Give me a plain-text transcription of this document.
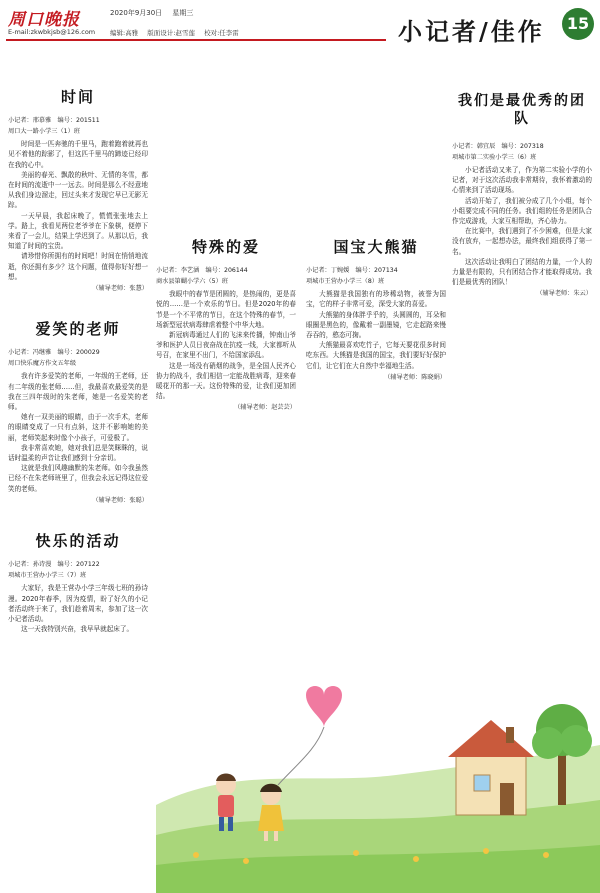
周口晚报	2020年9月30日 星期三
E-mail:zkwbkjsb@126.com 编辑:高雅 版面设计:赵雪莲 校对:任李雷	小记者/佳作	15
时间
小记者：邢慕雅　编号：201511
周口大一路小学三（1）班

时间是一匹奔驰的千里马，跑着跑着就再也见不着他的踪影了，但这匹千里马的蹄迹已经印在我的心中。

美丽的春光、飘散的秋叶、无情的冬雪，都在时间的流逝中一一远去。时间是那么不经意地从我们身边溜走，回过头来才发现它早已无影无踪。

一天早晨，我起床晚了，慌慌张张地去上学。路上，我看见两位老爷爷在下象棋，便停下来看了一会儿，结果上学迟到了。从那以后，我知道了时间的宝贵。

请珍惜你所拥有的时间吧！时间在悄悄地流逝，你还拥有多少？这个问题，值得你好好想一想。

（辅导老师：张慧）
爱笑的老师
小记者：冯继雅　编号：200029
周口快乐魔方作文五年级

我有许多爱笑的老师，一年级的王老师，还有二年级的张老师……但，我最喜欢最爱笑的是我在三四年级时的朱老师，她是一名爱笑的老师。

她有一双美丽的眼睛，由于一次手术，老师的眼睛变成了一只有点斜，这并不影响她的美丽，老师笑起来时像个小孩子，可爱极了。

我非常喜欢她，她对我们总是笑眯眯的，说话时温柔的声音让我们感到十分亲切。

这就是我们风趣幽默的朱老师。如今我虽然已经不在朱老师班里了，但我会永远记得这位爱笑的老师。

（辅导老师：张聪）
快乐的活动
小记者：孙诗漫　编号：207122
项城市王营办小学三（7）班

大家好，我是王营办小学三年级七班的孙诗漫。2020年春季，因为疫情，盼了好久的小记者活动终于来了，我们趁着周末，参加了这一次小记者活动。

这一天我特别兴奋，我早早就起床了。

特殊的爱
小记者：李艺涵　编号：206144
商水县第蝴小学六（5）班

我眼中的春节是团圆的，是热闹的，更是喜悦的……是一个欢乐的节日。但是2020年的春节是一个不平常的节日，在这个特殊的春节，一场新型冠状病毒肆虐着整个中华大地。

新冠病毒通过人们的飞沫来传播，钟南山爷爷和医护人员日夜奋战在抗疫一线，大家都听从号召，在家里不出门，不给国家添乱。

这是一场没有硝烟的战争，是全国人民齐心协力的战斗，我们相信一定能战胜病毒，迎来春暖花开的那一天。这份特殊的爱，让我们更加团结。

（辅导老师：赵芸芸）
国宝大熊猫
小记者：丁婉媛　编号：207134
项城市王营办小学三（8）班

大熊猫是我国独有的珍稀动物，被誉为国宝，它的样子非常可爱，深受大家的喜爱。

大熊猫的身体胖乎乎的，头圆圆的，耳朵和眼圈是黑色的，像戴着一副墨镜，它走起路来慢吞吞的，憨态可掬。

大熊猫最喜欢吃竹子，它每天要花很多时间吃东西。大熊猫是我国的国宝，我们要好好保护它们，让它们在大自然中幸福地生活。

（辅导老师：陈晓娟）
我们是最优秀的团队
小记者：韩宜辰　编号：207318
项城市第二实验小学三（6）班

小记者活动又来了，作为第二实验小学的小记者，对于这次活动我非常期待，我怀着激动的心情来到了活动现场。

活动开始了，我们被分成了几个小组，每个小组要完成不同的任务。我们组的任务是团队合作完成游戏，大家互相帮助，齐心协力。

在比赛中，我们遇到了不少困难，但是大家没有放弃，一起想办法，最终我们组获得了第一名。

这次活动让我明白了团结的力量，一个人的力量是有限的，只有团结合作才能取得成功。我们是最优秀的团队！

（辅导老师：朱云）
